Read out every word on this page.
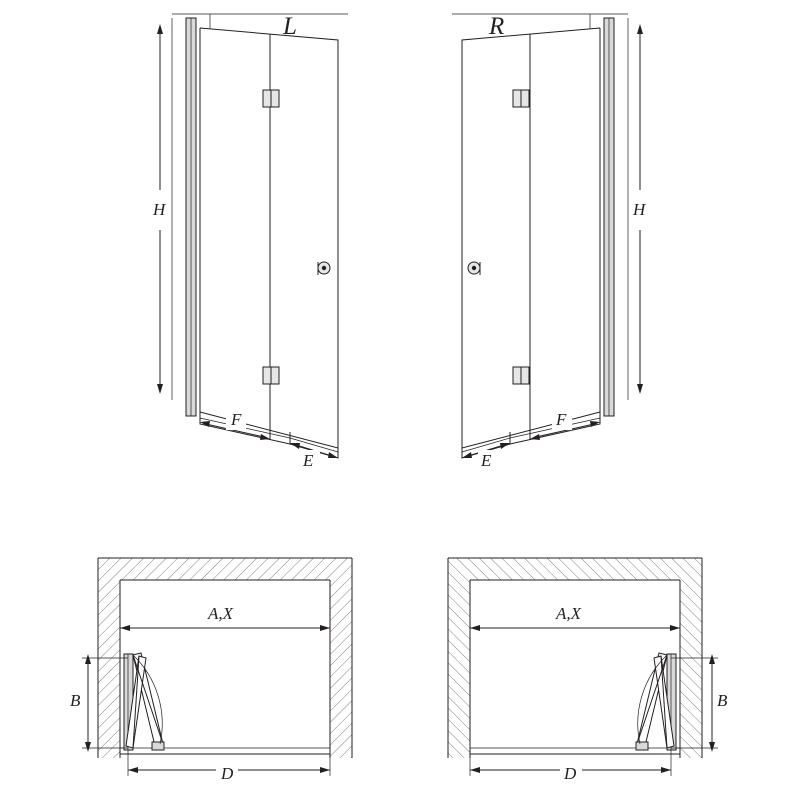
H
F
E
L
H
F
E
R
A,X
B
D
A,X
B
D
